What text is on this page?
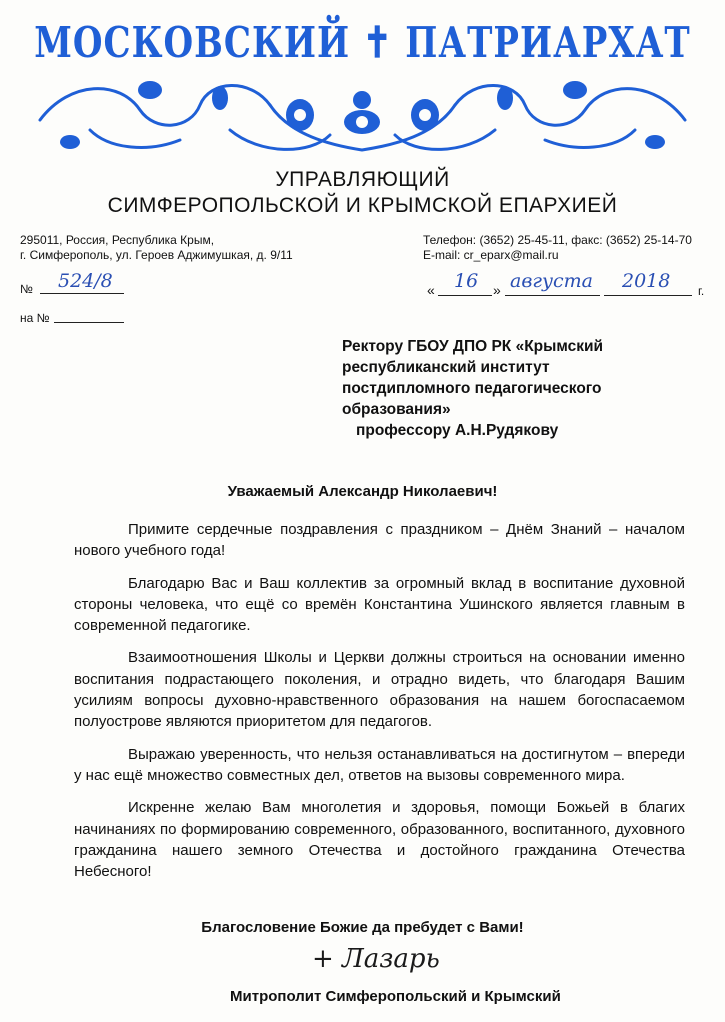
МОСКОВСКИЙ ✝ ПАТРИАРХАТ
УПРАВЛЯЮЩИЙ
СИМФЕРОПОЛЬСКОЙ И КРЫМСКОЙ ЕПАРХИЕЙ
295011, Россия, Республика Крым,
г. Симферополь, ул. Героев Аджимушкая, д. 9/11
Телефон: (3652) 25-45-11, факс: (3652) 25-14-70
E-mail: cr_eparx@mail.ru
№ 524/8
на №
« 16 » августа 2018 г.
Ректору ГБОУ ДПО РК «Крымский
республиканский институт
постдипломного педагогического
образования»
профессору А.Н.Рудякову
Уважаемый Александр Николаевич!

Примите сердечные поздравления с праздником – Днём Знаний – началом нового учебного года!

Благодарю Вас и Ваш коллектив за огромный вклад в воспитание духовной стороны человека, что ещё со времён Константина Ушинского является главным в современной педагогике.

Взаимоотношения Школы и Церкви должны строиться на основании именно воспитания подрастающего поколения, и отрадно видеть, что благодаря Вашим усилиям вопросы духовно-нравственного образования на нашем богоспасаемом полуострове являются приоритетом для педагогов.

Выражаю уверенность, что нельзя останавливаться на достигнутом – впереди у нас ещё множество совместных дел, ответов на вызовы современного мира.

Искренне желаю Вам многолетия и здоровья, помощи Божьей в благих начинаниях по формированию современного, образованного, воспитанного, духовного гражданина нашего земного Отечества и достойного гражданина Отечества Небесного!

Благословение Божие да пребудет с Вами!
+ Лазарь
Митрополит Симферопольский и Крымский
